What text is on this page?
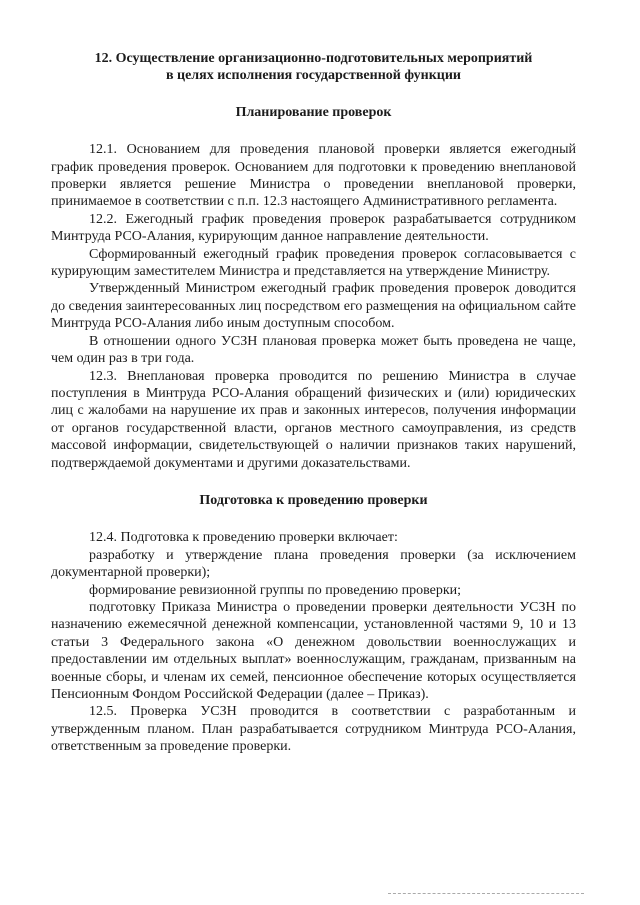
12. Осуществление организационно-подготовительных мероприятий

в целях исполнения государственной функции

Планирование проверок

12.1. Основанием для проведения плановой проверки является ежегодный график проведения проверок. Основанием для подготовки к проведению внеплановой проверки является решение Министра о проведении внеплановой проверки, принимаемое в соответствии с п.п. 12.3 настоящего Административного регламента.

12.2. Ежегодный график проведения проверок разрабатывается сотрудником Минтруда РСО-Алания, курирующим данное направление деятельности.

Сформированный ежегодный график проведения проверок согласовывается с курирующим заместителем Министра и представляется на утверждение Министру.

Утвержденный Министром ежегодный график проведения проверок доводится до сведения заинтересованных лиц посредством его размещения на официальном сайте Минтруда РСО-Алания либо иным доступным способом.

В отношении одного УСЗН плановая проверка может быть проведена не чаще, чем один раз в три года.

12.3. Внеплановая проверка проводится по решению Министра в случае поступления в Минтруда РСО-Алания обращений физических и (или) юридических лиц с жалобами на нарушение их прав и законных интересов, получения информации от органов государственной власти, органов местного самоуправления, из средств массовой информации, свидетельствующей о наличии признаков таких нарушений, подтверждаемой документами и другими доказательствами.

Подготовка к проведению проверки

12.4. Подготовка к проведению проверки включает:

разработку и утверждение плана проведения проверки (за исключением документарной проверки);

формирование ревизионной группы по проведению проверки;

подготовку Приказа Министра о проведении проверки деятельности УСЗН по назначению ежемесячной денежной компенсации, установленной частями 9, 10 и 13 статьи 3 Федерального закона «О денежном довольствии военнослужащих и предоставлении им отдельных выплат» военнослужащим, гражданам, призванным на военные сборы, и членам их семей, пенсионное обеспечение которых осуществляется Пенсионным Фондом Российской Федерации (далее – Приказ).

12.5. Проверка УСЗН проводится в соответствии с разработанным и утвержденным планом. План разрабатывается сотрудником Минтруда РСО-Алания, ответственным за проведение проверки.
